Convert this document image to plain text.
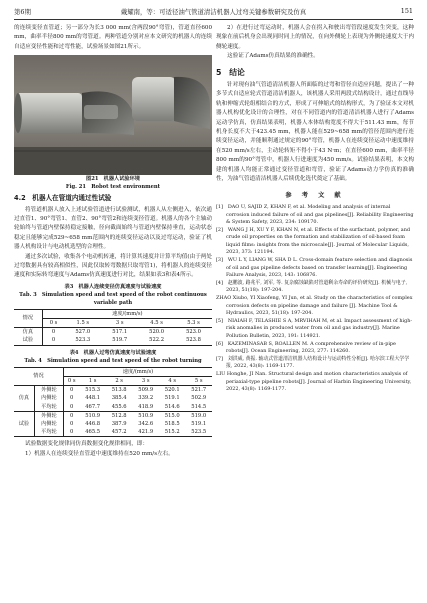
第6期	戴耀南，等：可适径油气管道清洁机器人过弯关键参数研究及仿真	151

的连续变径直管道；另一部分为长3 000 mm(含两段90°弯管)，管道直径600 mm，曲率半径800 mm的弯管道。两种管道分别对应本文研究的机器人的连续自适应变径性能和过弯性能，试验场景如图21所示。

图21　机器人试验环境
Fig. 21　Robot test environment
4.2　机器人在管道内通过性试验

将管道机器人放入上述试验管道进行试验测试，机器人从左侧进入，依次通过直管1、90°弯管1、直管2、90°弯管2和连续变径管道。机器人的各个主轴动轮始终与管道内壁保持稳定接触，径向截面始终与管道内壁保持垂直，运动状态稳定且能够完成529~658 mm范围内的连续变径运动以及过弯运动，验证了机器人机构设计与电动机选型的合理性。

通过多次试验，收集各个电动机转速，将计算其速度并计算平均值(由于两处过弯数据具有较高相似性，因此仅取转弯数据只取弯管1)，将机器人的连续变径速度和实际转弯速度与Adams仿真速度进行对比，结果如表3和表4所示。

表3　机器人连续变径仿真速度与试验速度
Tab. 3　Simulation speed and test speed of the robot continuous variable path
情况	速度/(mm/s)				
	0 s	1.5 s	3 s	4.5 s	5.3 s
仿真	0	527.0	517.1	520.0	523.0
试验	0	523.3	519.7	522.2	523.8
表4　机器人过弯仿真速度与试验速度
Tab. 4　Simulation speed and test speed of the robot turning
情况		速度/(mm/s)					
		0 s	1 s	2 s	3 s	4 s	5 s
仿真	外侧轮	0	515.3	513.8	509.9	520.1	521.7
	内侧轮	0	448.1	385.4	339.2	519.1	502.9
	平均轮	0	467.7	455.6	418.9	514.6	514.5
试验	外侧轮	0	510.9	512.8	510.9	515.0	519.0
	内侧轮	0	446.8	387.9	342.6	518.5	519.1
	平均轮	0	465.5	457.2	421.9	515.2	523.5

试验数据变化规律同仿真数据变化规律相同，即：

1）机器人在连续变径直管道中速度维持在520 mm/s左右。

2）在进行过弯运动时，机器人会在拐入和驶出弯管段速度发生突变，这种现象在前后机身会出现同时同上的情况，在向外侧轮上表现为外侧轮速度大于内侧轮速度。

这验证了Adams仿真结果的准确性。

5　结论

针对现有油气管道清洁机器人所面临的过弯和管径自适应问题，提出了一种多节式自适应轮式管道清洁机器人，该机器人采用两段式结构设计，通过直线导轨和伸缩式轮组相结合的方式，形成了可伸缩式的结构形式，为了验证本文对机器人机构优化设计的合理性，对在不同管道内的管道清洁机器人进行了Adams运动学仿真，仿真结果表明，机器人本体结构宽度不得大于511.43 mm，每节机身长度不大于423.45 mm，机器人能在529~658 mm的管径范围内进行连续变径运动，并能顺利通过规定的90°弯管，机器人在连续变径运动中速度维持在520 mm/s左右，主动轮转矩不得小于43 N·m；在直径600 mm，曲率半径800 mm的90°弯管中，机器人行进速度为450 mm/s。试验结果表明，本文构建的机器人均能正常通过变径管道和弯管，验证了Adams动力学仿真的准确性，为油气管道清洁机器人后续优化选代奠定了基础。

参 考 文 献

[1]　DAO U, SAJID Z, KHAN F, et al. Modeling and analysis of internal corrosion induced failure of oil and gas pipelines[J]. Reliability Engineering & System Safety, 2023, 234: 109170.

[2]　WANG J H, XU Y F, KHAN N, et al. Effects of the surfactant, polymer, and crude oil properties on the formation and stabilization of oil-based foam liquid films: insights from the microscale[J]. Journal of Molecular Liquids, 2023, 373: 121194.

[3]　WU L Y, LIANG W, SHA D L. Cross-domain feature selection and diagnosis of oil and gas pipeline defects based on transfer learning[J]. Engineering Failure Analysis, 2023, 143: 106876.

[4]　赵鹏波, 路兆平, 刘军, 等. 复杂腐蚀缺陷对管道剩余寿命的评价研究[J]. 机械与电子, 2023, 51(18): 197-204.

ZHAO Xiubo, YI Xiaofeng, YI Jun, et al. Study on the characteristics of complex corrosion defects on pipeline damage and failure [J]. Machine Tool & Hydraulics, 2023, 51(18): 197-204.

[5]　NIAIAH F, TELASHIE S A, MRVIHAH M, et al. Impact assessment of high-risk anomalies in produced water from oil and gas industry[J]. Marine Pollution Bulletin, 2023, 191: 114921.

[6]　KAZEMINASAB S, ROALLEN M. A comprehensive review of in-pipe robots[J]. Ocean Engineering, 2023, 277: 114260.

[7]　刘洪威, 黄振. 轴动式管道清洁机器人结构设计与运动特性分析[J]. 哈尔滨工程大学学报, 2022, 43(8): 1169-1177.

LIU Honghe, JI Nan. Structural design and motion characteristics analysis of periaxial-type pipeline robots[J]. Journal of Harbin Engineering University, 2022, 43(8): 1169-1177.
